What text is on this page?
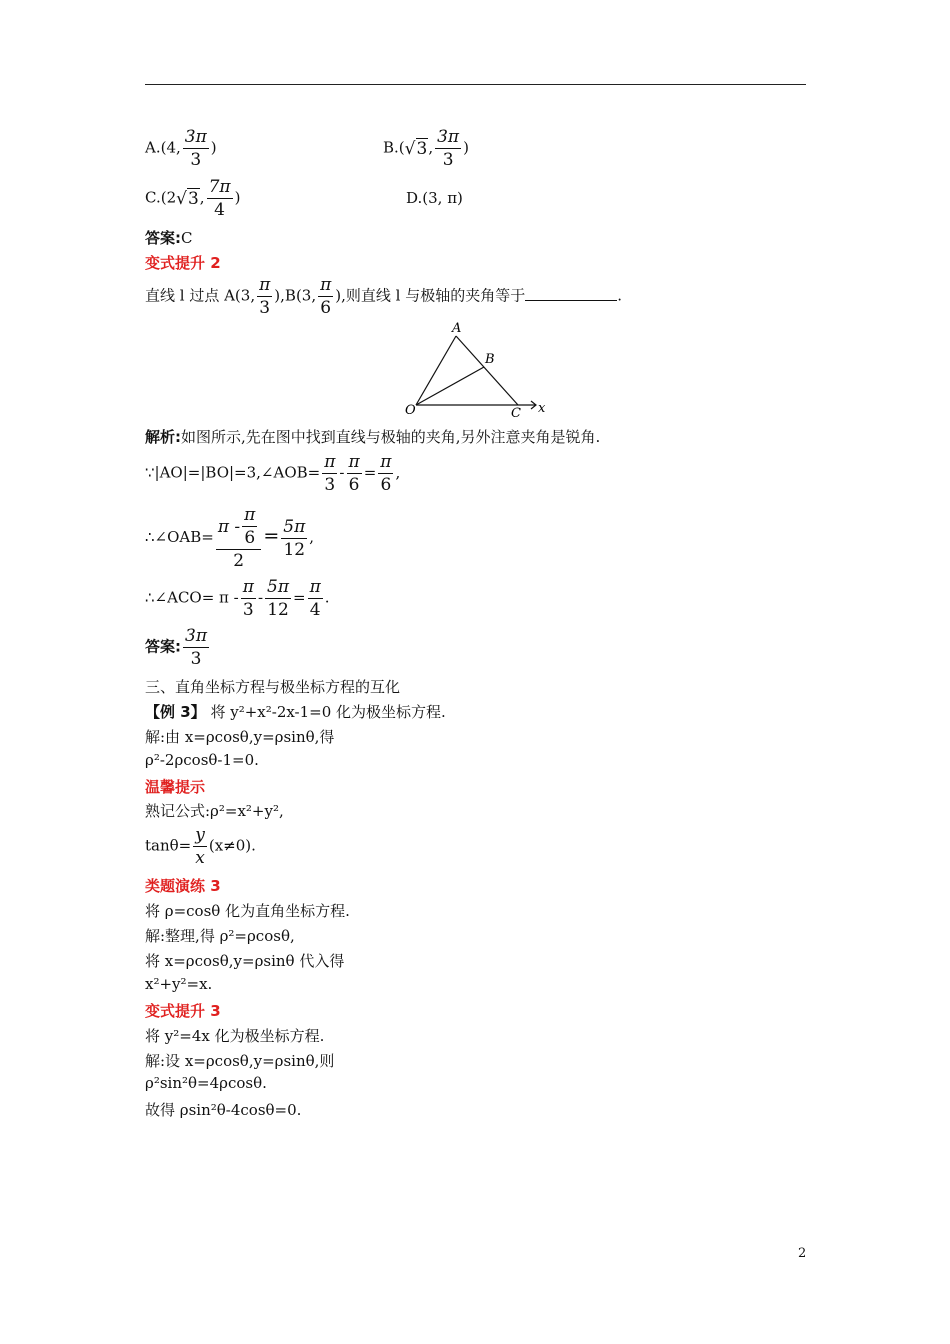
A.(4, $\frac{3\pi}{3}$ )	B.(√3, $\frac{3\pi}{3}$ )
C.(2√3, $\frac{7\pi}{4}$ )	D.(3, π)
答案:C
变式提升 2
直线 l 过点 A(3, $\frac{\pi}{3} ),B(3$, $\frac{\pi}{6}$ ),则直线 l 与极轴的夹角等于	.
A
B
O	C x
解析:如图所示,先在图中找到直线与极轴的夹角,另外注意夹角是锐角.
∵|AO|=|BO|=3,∠AOB= $\frac{\pi}{3} - \frac{\pi}{6} = \frac{\pi}{6}$ ,
∴∠OAB= $\frac{\pi - \frac{\pi}{6}}{2} = \frac{5\pi}{12}$ ,
∴∠ACO= $\pi - \frac{\pi}{3} - \frac{5\pi}{12} = \frac{\pi}{4}$ .
答案: $\frac{3\pi}{3}$
三、直角坐标方程与极坐标方程的互化
【例 3】 将 y²+x²-2x-1=0 化为极坐标方程.
解:由 x=ρcosθ,y=ρsinθ,得
ρ²-2ρcosθ-1=0.
温馨提示
熟记公式:ρ²=x²+y²,
$\tan\theta= \frac{y}{x} (x\ne 0)$.
类题演练 3
将 ρ=cosθ 化为直角坐标方程.
解:整理,得 ρ²=ρcosθ,
将 x=ρcosθ,y=ρsinθ 代入得
x²+y²=x.
变式提升 3
将 y²=4x 化为极坐标方程.
解:设 x=ρcosθ,y=ρsinθ,则
ρ²sin²θ=4ρcosθ.
故得 ρsin²θ-4cosθ=0.
2
